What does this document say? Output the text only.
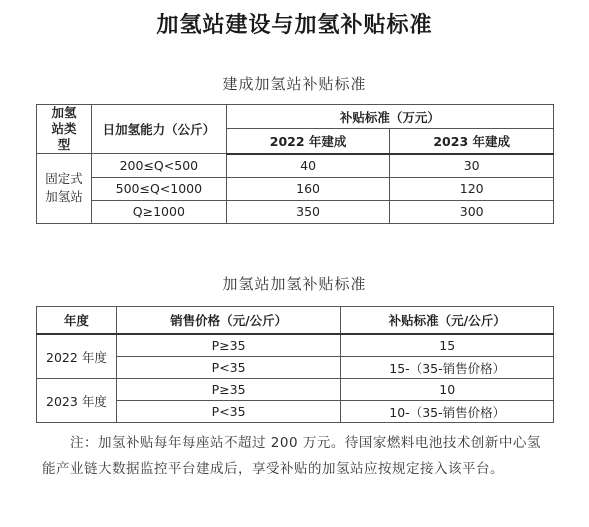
加氢站建设与加氢补贴标准
建成加氢站补贴标准
加氢站类型	日加氢能力（公斤）	补贴标准（万元）	
		2022 年建成	2023 年建成

固定式加氢站	200≤Q<500	40	30
	500≤Q<1000	160	120
	Q≥1000	350	300
加氢站加氢补贴标准
年度	销售价格（元/公斤）	补贴标准（元/公斤）
2022 年度	P≥35	15
	P<35	15-（35-销售价格）
2023 年度	P≥35	10
	P<35	10-（35-销售价格）
注：加氢补贴每年每座站不超过 200 万元。待国家燃料电池技术创新中心氢能产业链大数据监控平台建成后，享受补贴的加氢站应按规定接入该平台。
